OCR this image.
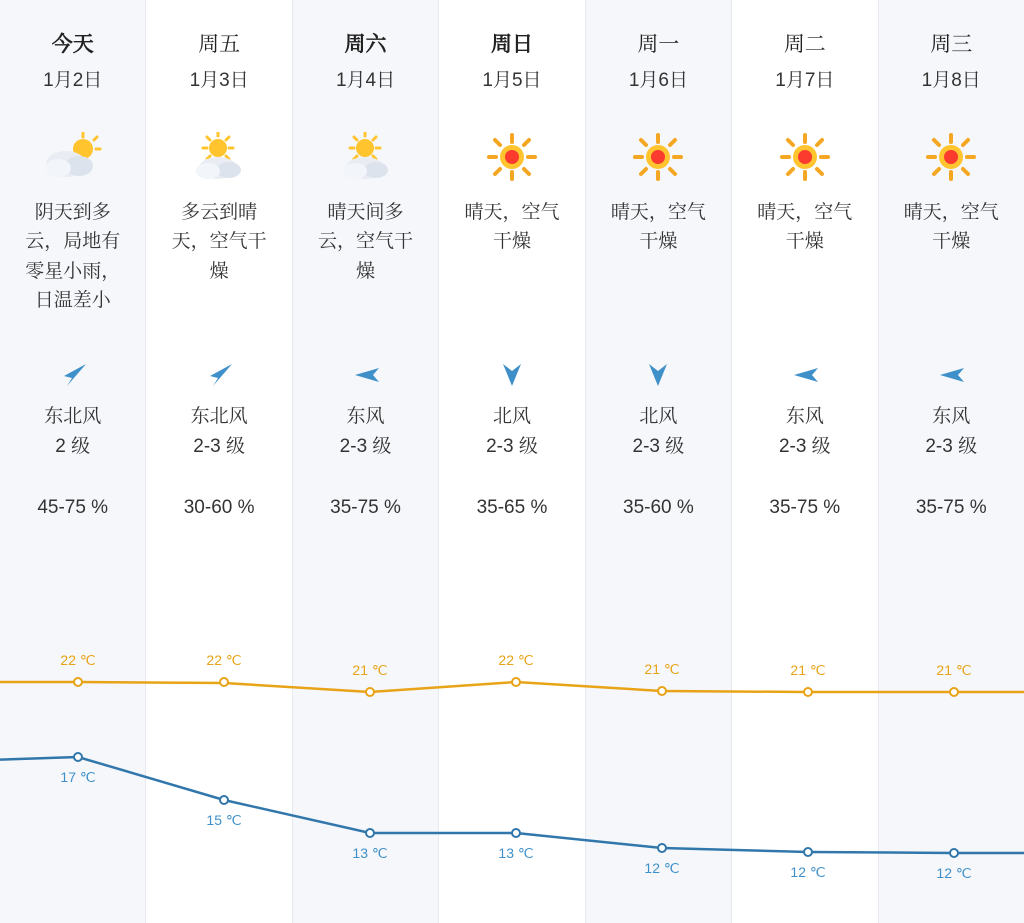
今天
1月2日
阴天到多云，局地有零星小雨，日温差小
东北风
2 级
45-75 %
周五
1月3日
多云到晴天，空气干燥
东北风
2-3 级
30-60 %
周六
1月4日
晴天间多云，空气干燥
东风
2-3 级
35-75 %
周日
1月5日
晴天，空气干燥
北风
2-3 级
35-65 %
周一
1月6日
晴天，空气干燥
北风
2-3 级
35-60 %
周二
1月7日
晴天，空气干燥
东风
2-3 级
35-75 %
周三
1月8日
晴天，空气干燥
东风
2-3 级
35-75 %
22 ℃	22 ℃
21 ℃
22 ℃
21 ℃	21 ℃	21 ℃
17 ℃
15 ℃
13 ℃	13 ℃
12 ℃	12 ℃	12 ℃
